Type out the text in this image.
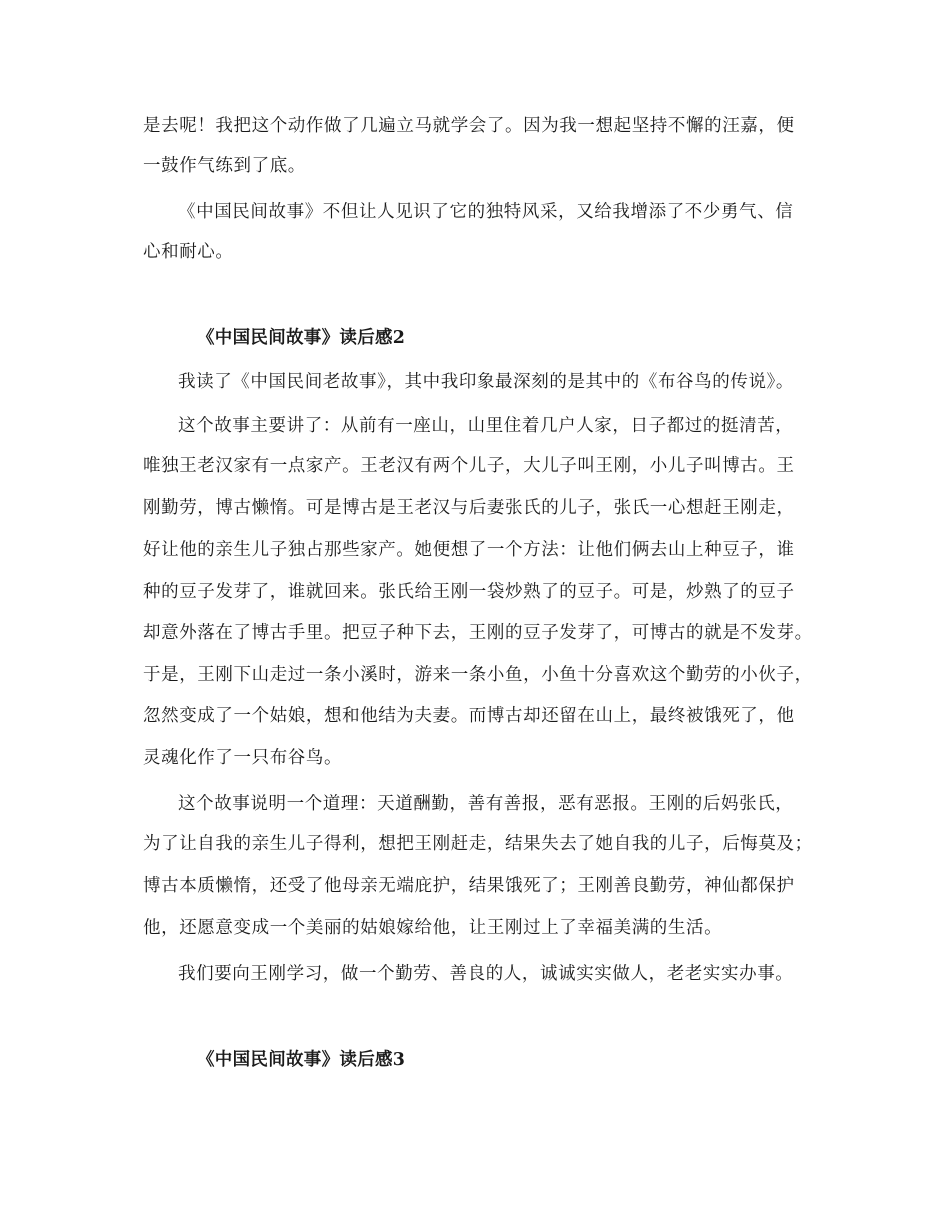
是去呢！我把这个动作做了几遍立马就学会了。因为我一想起坚持不懈的汪嘉，便
一鼓作气练到了底。
《中国民间故事》不但让人见识了它的独特风采，又给我增添了不少勇气、信
心和耐心。
《中国民间故事》读后感2
我读了《中国民间老故事》，其中我印象最深刻的是其中的《布谷鸟的传说》。
这个故事主要讲了：从前有一座山，山里住着几户人家，日子都过的挺清苦，
唯独王老汉家有一点家产。王老汉有两个儿子，大儿子叫王刚，小儿子叫博古。王
刚勤劳，博古懒惰。可是博古是王老汉与后妻张氏的儿子，张氏一心想赶王刚走，
好让他的亲生儿子独占那些家产。她便想了一个方法：让他们俩去山上种豆子，谁
种的豆子发芽了，谁就回来。张氏给王刚一袋炒熟了的豆子。可是，炒熟了的豆子
却意外落在了博古手里。把豆子种下去，王刚的豆子发芽了，可博古的就是不发芽。
于是，王刚下山走过一条小溪时，游来一条小鱼，小鱼十分喜欢这个勤劳的小伙子，
忽然变成了一个姑娘，想和他结为夫妻。而博古却还留在山上，最终被饿死了，他
灵魂化作了一只布谷鸟。
这个故事说明一个道理：天道酬勤，善有善报，恶有恶报。王刚的后妈张氏，
为了让自我的亲生儿子得利，想把王刚赶走，结果失去了她自我的儿子，后悔莫及；
博古本质懒惰，还受了他母亲无端庇护，结果饿死了；王刚善良勤劳，神仙都保护
他，还愿意变成一个美丽的姑娘嫁给他，让王刚过上了幸福美满的生活。
我们要向王刚学习，做一个勤劳、善良的人，诚诚实实做人，老老实实办事。
《中国民间故事》读后感3
